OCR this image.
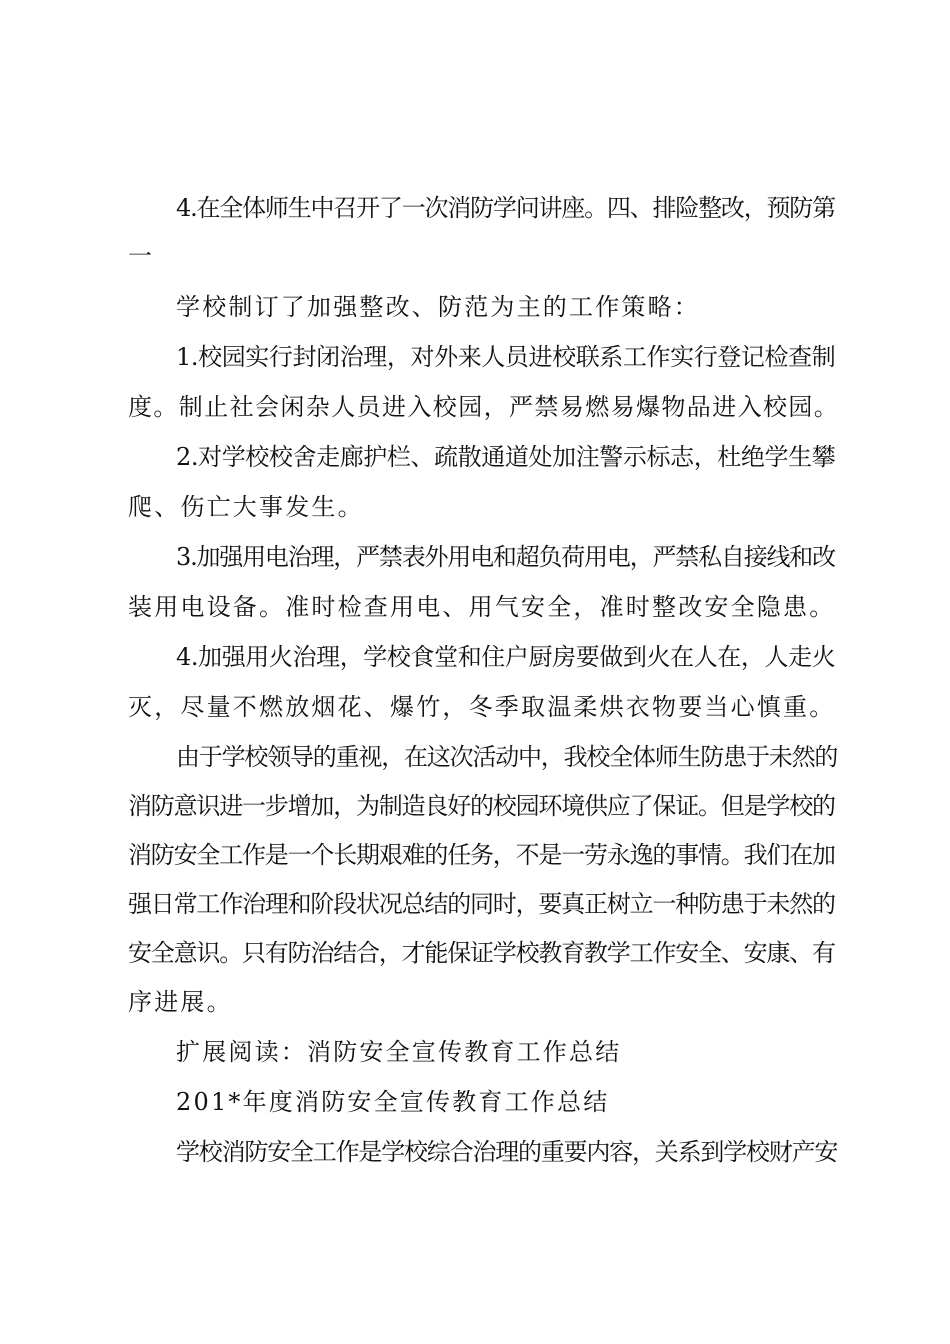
4.在全体师生中召开了一次消防学问讲座。四、排险整改，预防第
一
学校制订了加强整改、防范为主的工作策略：
1.校园实行封闭治理，对外来人员进校联系工作实行登记检查制
度。制止社会闲杂人员进入校园，严禁易燃易爆物品进入校园。
2.对学校校舍走廊护栏、疏散通道处加注警示标志，杜绝学生攀
爬、伤亡大事发生。
3.加强用电治理，严禁表外用电和超负荷用电，严禁私自接线和改
装用电设备。准时检查用电、用气安全，准时整改安全隐患。
4.加强用火治理，学校食堂和住户厨房要做到火在人在，人走火
灭，尽量不燃放烟花、爆竹，冬季取温柔烘衣物要当心慎重。
由于学校领导的重视，在这次活动中，我校全体师生防患于未然的
消防意识进一步增加，为制造良好的校园环境供应了保证。但是学校的
消防安全工作是一个长期艰难的任务，不是一劳永逸的事情。我们在加
强日常工作治理和阶段状况总结的同时，要真正树立一种防患于未然的
安全意识。只有防治结合，才能保证学校教育教学工作安全、安康、有
序进展。
扩展阅读：消防安全宣传教育工作总结
201*年度消防安全宣传教育工作总结
学校消防安全工作是学校综合治理的重要内容，关系到学校财产安
